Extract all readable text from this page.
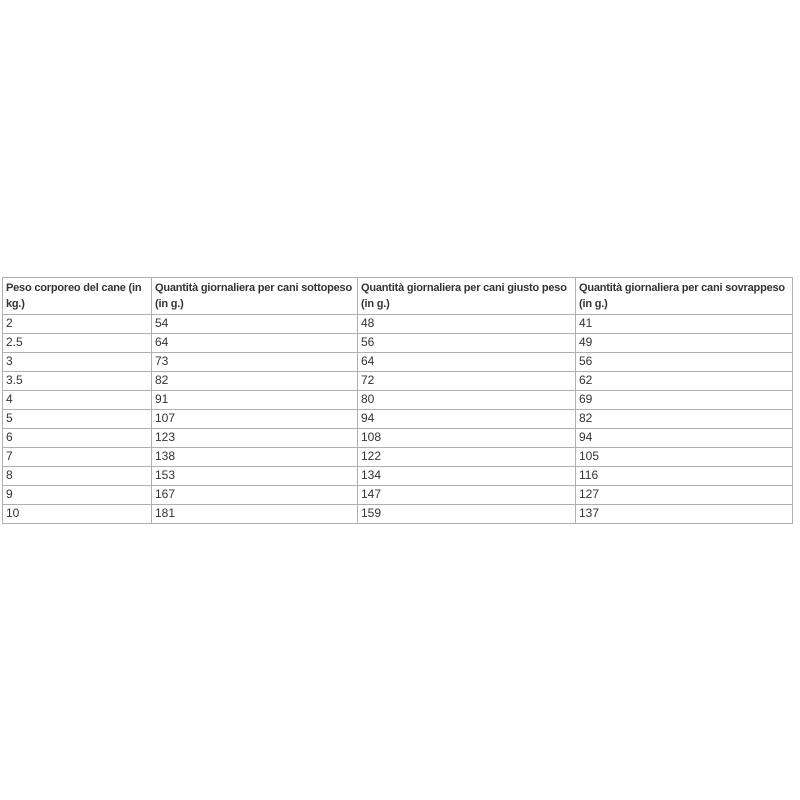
Peso corporeo del cane (in kg.)	Quantità giornaliera per cani sottopeso (in g.)	Quantità giornaliera per cani giusto peso (in g.)	Quantità giornaliera per cani sovrappeso (in g.)
2	54	48	41
2.5	64	56	49
3	73	64	56
3.5	82	72	62
4	91	80	69
5	107	94	82
6	123	108	94
7	138	122	105
8	153	134	116
9	167	147	127
10	181	159	137
